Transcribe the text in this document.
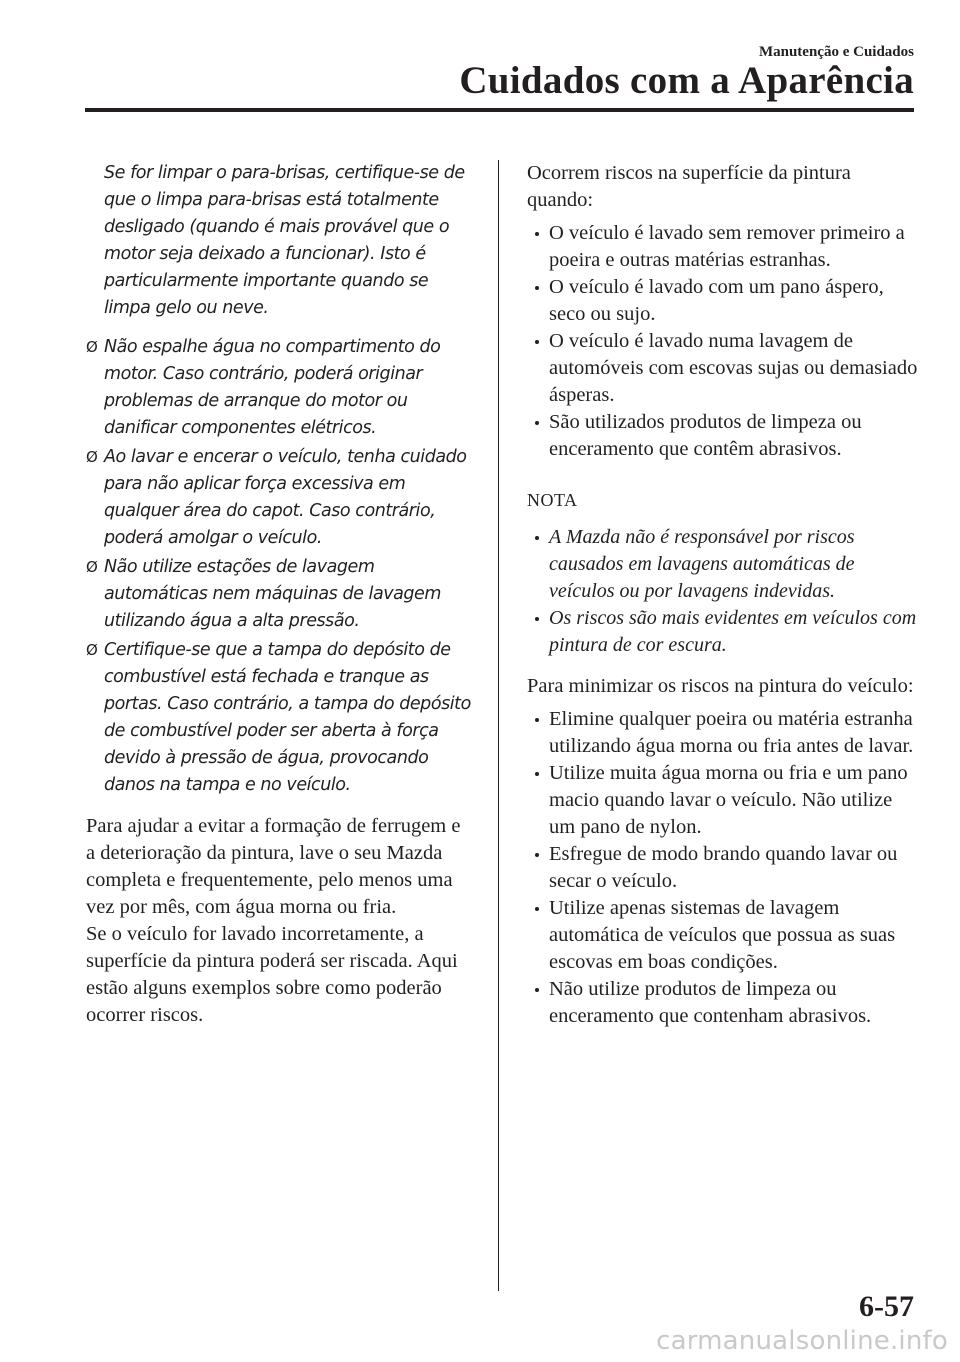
Manutenção e Cuidados
Cuidados com a Aparência
Se for limpar o para-brisas, certifique-se de que o limpa para-brisas está totalmente desligado (quando é mais provável que o motor seja deixado a funcionar). Isto é particularmente importante quando se limpa gelo ou neve.
Ø Não espalhe água no compartimento do motor. Caso contrário, poderá originar problemas de arranque do motor ou danificar componentes elétricos.
Ø Ao lavar e encerar o veículo, tenha cuidado para não aplicar força excessiva em qualquer área do capot. Caso contrário, poderá amolgar o veículo.
Ø Não utilize estações de lavagem automáticas nem máquinas de lavagem utilizando água a alta pressão.
Ø Certifique-se que a tampa do depósito de combustível está fechada e tranque as portas. Caso contrário, a tampa do depósito de combustível poder ser aberta à força devido à pressão de água, provocando danos na tampa e no veículo.
Para ajudar a evitar a formação de ferrugem e a deterioração da pintura, lave o seu Mazda completa e frequentemente, pelo menos uma vez por mês, com água morna ou fria.
Se o veículo for lavado incorretamente, a superfície da pintura poderá ser riscada. Aqui estão alguns exemplos sobre como poderão ocorrer riscos.
Ocorrem riscos na superfície da pintura quando:
O veículo é lavado sem remover primeiro a poeira e outras matérias estranhas.
O veículo é lavado com um pano áspero, seco ou sujo.
O veículo é lavado numa lavagem de automóveis com escovas sujas ou demasiado ásperas.
São utilizados produtos de limpeza ou enceramento que contêm abrasivos.
NOTA
A Mazda não é responsável por riscos causados em lavagens automáticas de veículos ou por lavagens indevidas.
Os riscos são mais evidentes em veículos com pintura de cor escura.
Para minimizar os riscos na pintura do veículo:
Elimine qualquer poeira ou matéria estranha utilizando água morna ou fria antes de lavar.
Utilize muita água morna ou fria e um pano macio quando lavar o veículo. Não utilize um pano de nylon.
Esfregue de modo brando quando lavar ou secar o veículo.
Utilize apenas sistemas de lavagem automática de veículos que possua as suas escovas em boas condições.
Não utilize produtos de limpeza ou enceramento que contenham abrasivos.
6-57
carmanualsonline.info
